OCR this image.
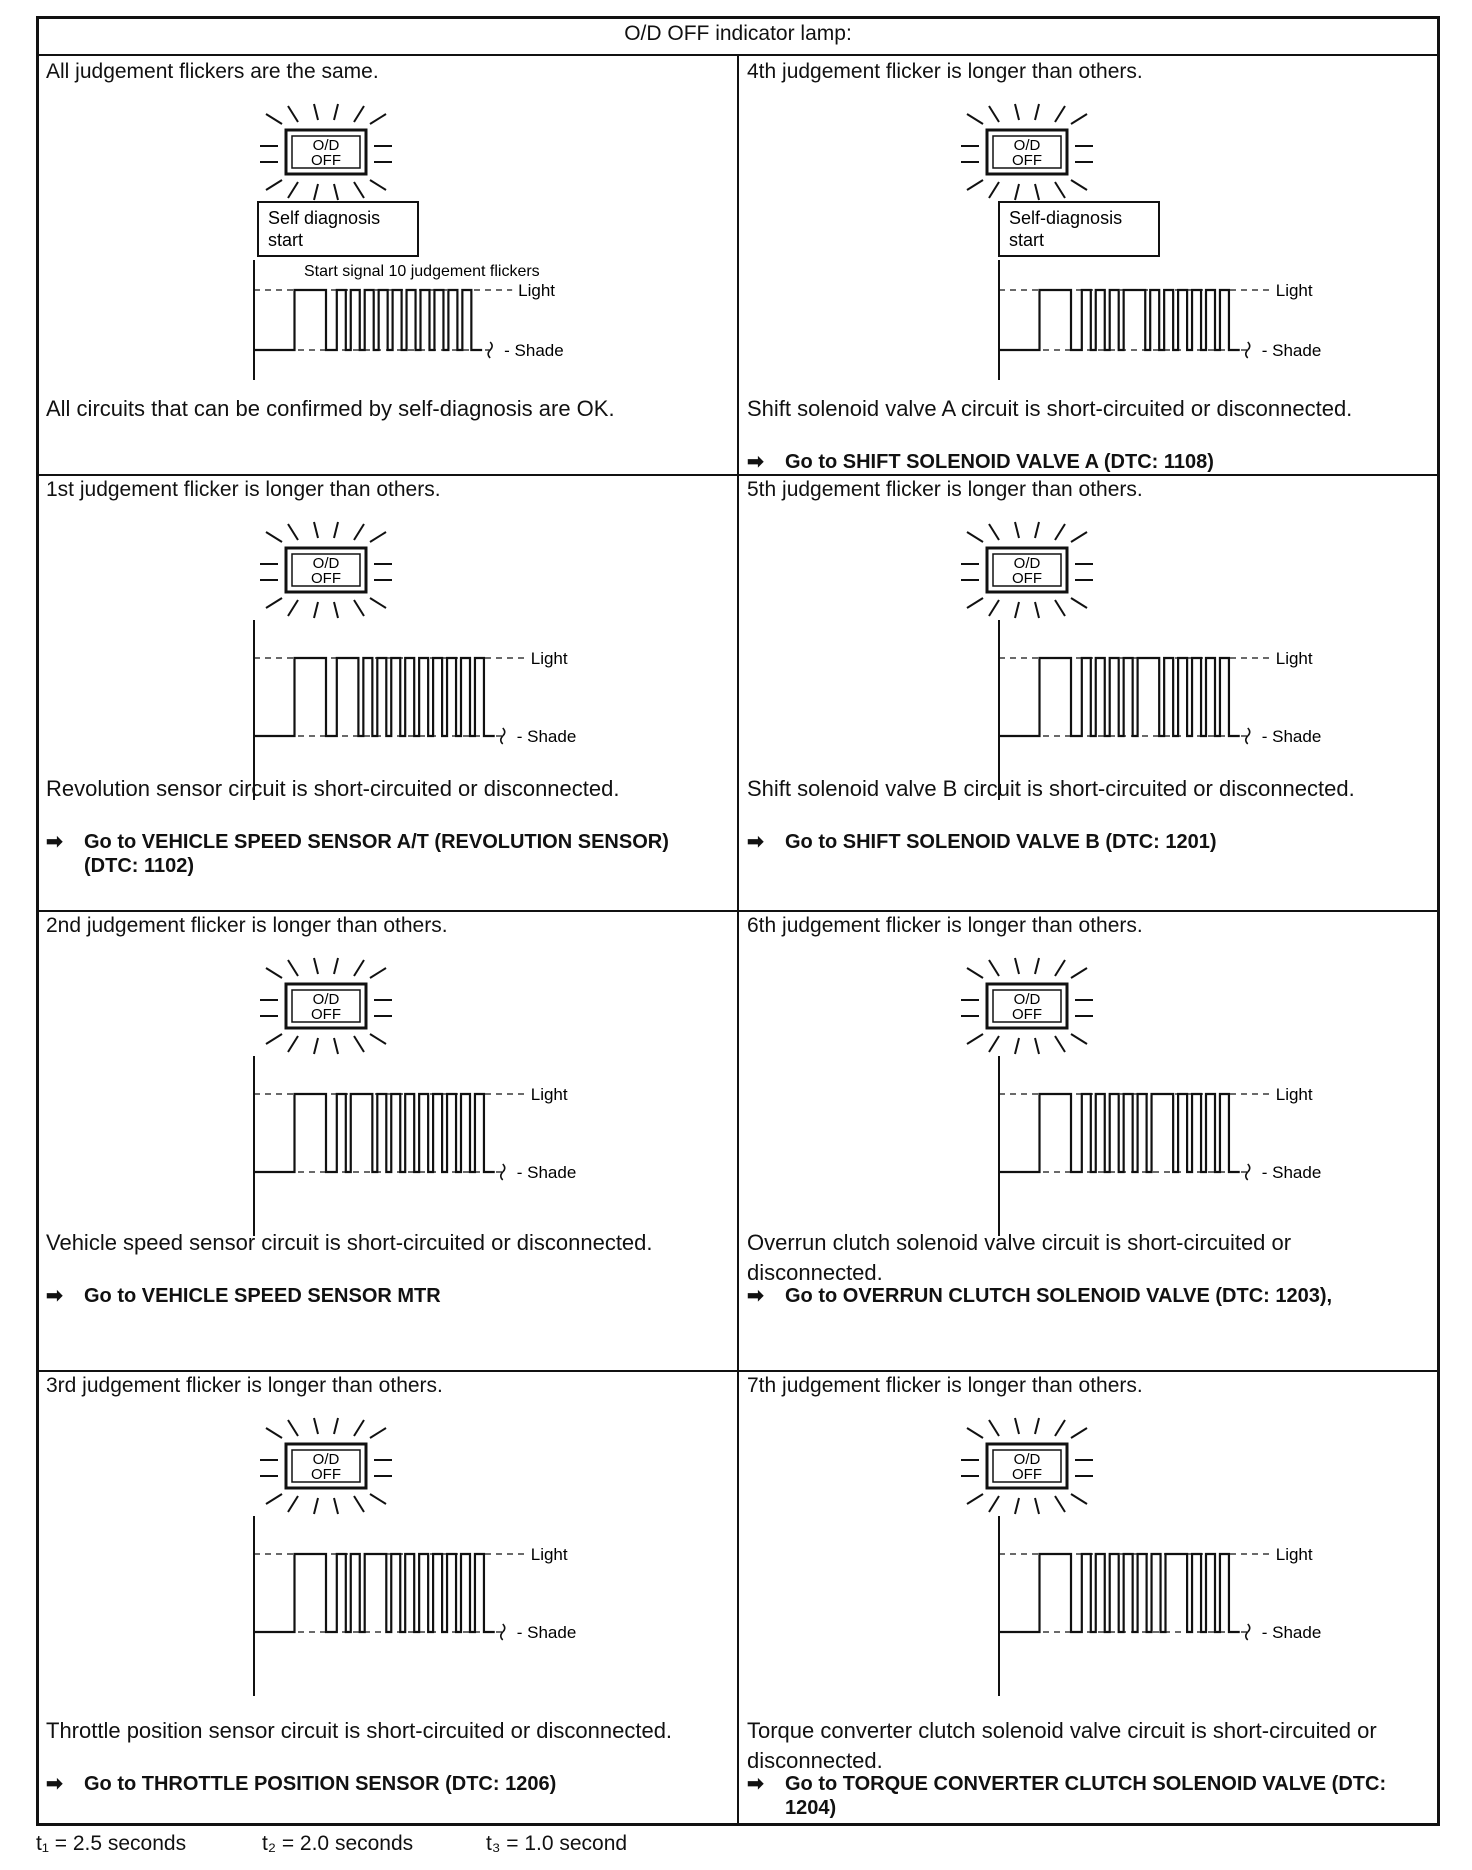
O/D OFF indicator lamp:
All judgement flickers are the same.
O/D
OFF
Self diagnosis
start
Start signal 10 judgement flickers
Light
- Shade
All circuits that can be confirmed by self-diagnosis are OK.
4th judgement flicker is longer than others.
O/D
OFF
Self-diagnosis
start
Light
- Shade
Shift solenoid valve A circuit is short-circuited or disconnected.
➡	Go to SHIFT SOLENOID VALVE A (DTC: 1108)
1st judgement flicker is longer than others.
O/D
OFF
Light
- Shade
Revolution sensor circuit is short-circuited or disconnected.
➡	Go to VEHICLE SPEED SENSOR A/T (REVOLUTION SENSOR) (DTC: 1102)
5th judgement flicker is longer than others.
O/D
OFF
Light
- Shade
Shift solenoid valve B circuit is short-circuited or disconnected.
➡	Go to SHIFT SOLENOID VALVE B (DTC: 1201)
2nd judgement flicker is longer than others.
O/D
OFF
Light
- Shade
Vehicle speed sensor circuit is short-circuited or disconnected.
➡	Go to VEHICLE SPEED SENSOR MTR
6th judgement flicker is longer than others.
O/D
OFF
Light
- Shade
Overrun clutch solenoid valve circuit is short-circuited or disconnected.
➡	Go to OVERRUN CLUTCH SOLENOID VALVE (DTC: 1203),
3rd judgement flicker is longer than others.
O/D
OFF
Light
- Shade
Throttle position sensor circuit is short-circuited or disconnected.
➡	Go to THROTTLE POSITION SENSOR (DTC: 1206)
7th judgement flicker is longer than others.
O/D
OFF
Light
- Shade
Torque converter clutch solenoid valve circuit is short-circuited or disconnected.
➡	Go to TORQUE CONVERTER CLUTCH SOLENOID VALVE (DTC: 1204)
t₁ = 2.5 seconds	t₂ = 2.0 seconds	t₃ = 1.0 second
